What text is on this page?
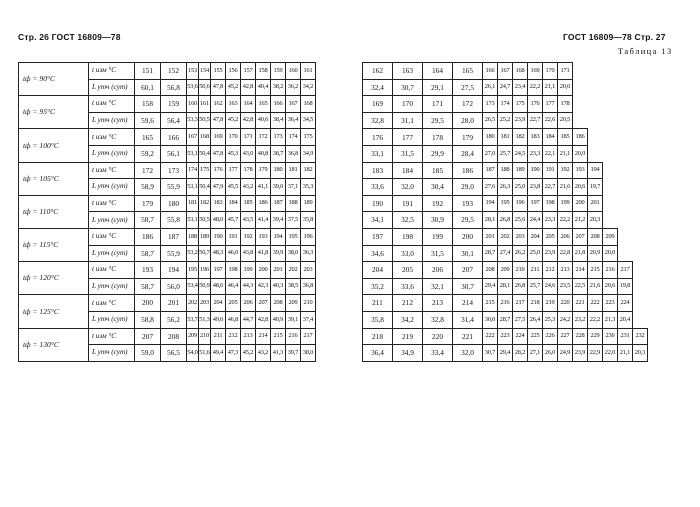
Стр. 26 ГОСТ 16809—78	ГОСТ 16809—78 Стр. 27
Таблица 13
tф = 90°C	t изм °C	151	152	153	154	155	156	157	158	159	160	161
	L утч (сут)	60,1	56,8	53,6	50,6	47,8	45,2	42,8	40,4	38,2	36,2	34,2
tф = 95°C	t изм °C	158	159	160	161	162	163	164	165	166	167	168
	L утч (сут)	59,6	56,4	53,3	50,5	47,8	45,2	42,8	40,6	38,4	36,4	34,5
tф = 100°C	t изм °C	165	166	167	168	169	170	171	172	173	174	175
	L утч (сут)	59,2	56,1	53,1	50,4	47,8	45,3	43,0	40,8	38,7	36,8	34,9
tф = 105°C	t изм °C	172	173	174	175	176	177	178	179	180	181	182
	L утч (сут)	58,9	55,9	53,1	50,4	47,9	45,5	43,2	41,1	39,0	37,1	35,3
tф = 110°C	t изм °C	179	180	181	182	183	184	185	186	187	188	189
	L утч (сут)	58,7	55,8	53,1	50,5	48,0	45,7	43,5	41,4	39,4	37,5	35,8
tф = 115°C	t изм °C	186	187	188	189	190	191	192	193	194	195	196
	L утч (сут)	58,7	55,9	53,2	50,7	48,3	46,0	43,8	41,8	39,9	38,0	36,3
tф = 120°C	t изм °C	193	194	195	196	197	198	199	200	201	202	203
	L утч (сут)	58,7	56,0	53,4	50,9	48,6	46,4	44,3	42,3	40,3	38,5	36,8
tф = 125°C	t изм °C	200	201	202	203	204	205	206	207	208	209	210
	L утч (сут)	58,8	56,2	53,7	51,3	49,0	46,8	44,7	42,8	40,9	39,1	37,4
tф = 130°C	t изм °C	207	208	209	210	211	212	213	214	215	216	217
	L утч (сут)	59,0	56,5	54,0	51,6	49,4	47,3	45,2	43,2	41,3	39,7	38,0
162	163	164	165	166	167	168	169	170	171						
32,4	30,7	29,1	27,5	26,1	24,7	23,4	22,2	21,1	20,0						
169	170	171	172	173	174	175	176	177	178						
32,8	31,1	29,5	28,0	26,5	25,2	23,9	22,7	22,6	20,5						
176	177	178	179	180	181	182	183	184	185	186					
33,1	31,5	29,9	28,4	27,0	25,7	24,5	23,3	22,1	21,1	20,0					
183	184	185	186	187	188	189	190	191	192	193	194				
33,6	32,0	30,4	29,0	27,6	26,3	25,0	23,8	22,7	21,6	20,6	19,7				
190	191	192	193	194	195	196	197	198	199	200	201				
34,1	32,5	30,9	29,5	28,1	26,8	25,6	24,4	23,3	22,2	21,2	20,3				
197	198	199	200	201	202	203	204	205	206	207	208	209			
34,6	33,0	31,5	30,1	28,7	27,4	26,2	25,0	23,9	22,8	21,8	20,9	20,0			
204	205	206	207	208	209	210	211	212	213	214	215	216	217		
35,2	33,6	32,1	30,7	29,4	28,1	26,8	25,7	24,6	23,5	22,5	21,6	20,6	19,8		
211	212	213	214	215	216	217	218	219	220	221	222	223	224		
35,8	34,2	32,8	31,4	30,0	28,7	27,5	26,4	25,3	24,2	23,2	22,2	21,3	20,4		
218	219	220	221	222	223	224	225	226	227	228	229	230	231	232	
36,4	34,9	33,4	32,0	30,7	29,4	28,2	27,1	26,0	24,9	23,9	22,9	22,0	21,1	20,3	
